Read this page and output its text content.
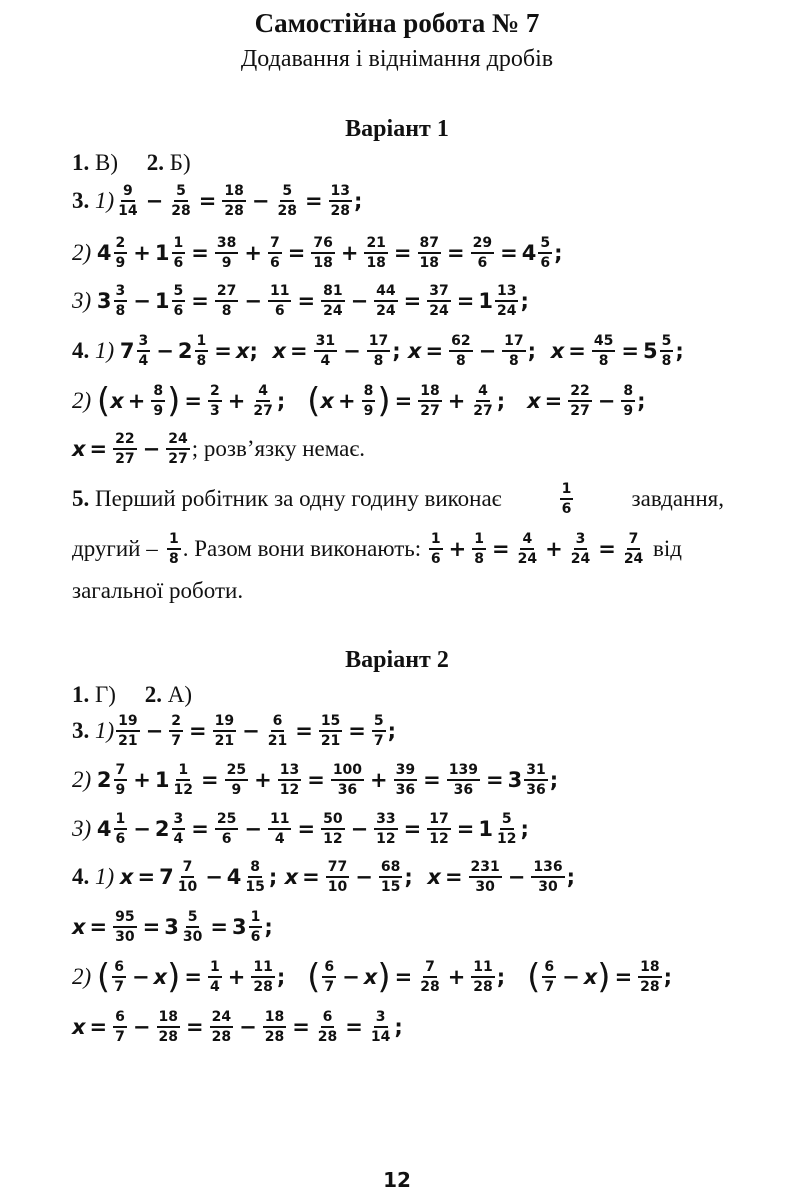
Самостійна робота № 7
Додавання і віднімання дробів
Варіант 1
1.
В)
2.
Б)
3.
$1) \frac{9}{14} - \frac{5}{28} = \frac{18}{28} - \frac{5}{28} = \frac{13}{28}$ ;
2)
$4 \frac{2}{9} + 1 \frac{1}{6} = \frac{38}{9} + \frac{7}{6} = \frac{76}{18} + \frac{21}{18} = \frac{87}{18} = \frac{29}{6} = 4 \frac{5}{6}$ ;
3)
$3 \frac{3}{8} - 1 \frac{5}{6} = \frac{27}{8} - \frac{11}{6} = \frac{81}{24} - \frac{44}{24} = \frac{37}{24} = 1 \frac{13}{24}$ ;
4.
1)
$7 \frac{3}{4} - 2 \frac{1}{8} = x$ ; $x = \frac{31}{4} - \frac{17}{8}$ ; $x = \frac{62}{8} - \frac{17}{8}$ ; $x = \frac{45}{8} = 5 \frac{5}{8}$ ;
2)
( $x + \frac{8}{9}$ ) = $\frac{2}{3} + \frac{4}{27}$ ; ( $x + \frac{8}{9}$ ) = $\frac{18}{27} + \frac{4}{27}$ ; $x = \frac{22}{27} - \frac{8}{9}$ ;
$x = \frac{22}{27} - \frac{24}{27}$ ; розв’язку немає.
5. Перший робітник за одну годину виконає	$\frac{1}{6}$	завдання,
другий –
$\frac{1}{8}$ . Разом вони виконають:
$\frac{1}{6} + \frac{1}{8} = \frac{4}{24} + \frac{3}{24} = \frac{7}{24}$
від
загальної роботи.
Варіант 2
1.
Г)
2.
А)
3.
$1) \frac{19}{21} - \frac{2}{7} = \frac{19}{21} - \frac{6}{21} = \frac{15}{21} = \frac{5}{7}$ ;
2)
$2 \frac{7}{9} + 1 \frac{1}{12} = \frac{25}{9} + \frac{13}{12} = \frac{100}{36} + \frac{39}{36} = \frac{139}{36} = 3 \frac{31}{36}$ ;
3)
$4 \frac{1}{6} - 2 \frac{3}{4} = \frac{25}{6} - \frac{11}{4} = \frac{50}{12} - \frac{33}{12} = \frac{17}{12} = 1 \frac{5}{12}$ ;
4.
1)
$x = 7 \frac{7}{10} - 4 \frac{8}{15}$ ; $x = \frac{77}{10} - \frac{68}{15}$ ; $x = \frac{231}{30} - \frac{136}{30}$ ;
$x = \frac{95}{30} = 3 \frac{5}{30} = 3 \frac{1}{6}$ ;
2)
( $\frac{6}{7} - x$ ) = $\frac{1}{4} + \frac{11}{28}$ ; ( $\frac{6}{7} - x$ ) = $\frac{7}{28} + \frac{11}{28}$ ; ( $\frac{6}{7} - x$ ) = $\frac{18}{28}$ ;
$x = \frac{6}{7} - \frac{18}{28} = \frac{24}{28} - \frac{18}{28} = \frac{6}{28} = \frac{3}{14}$ ;
12
